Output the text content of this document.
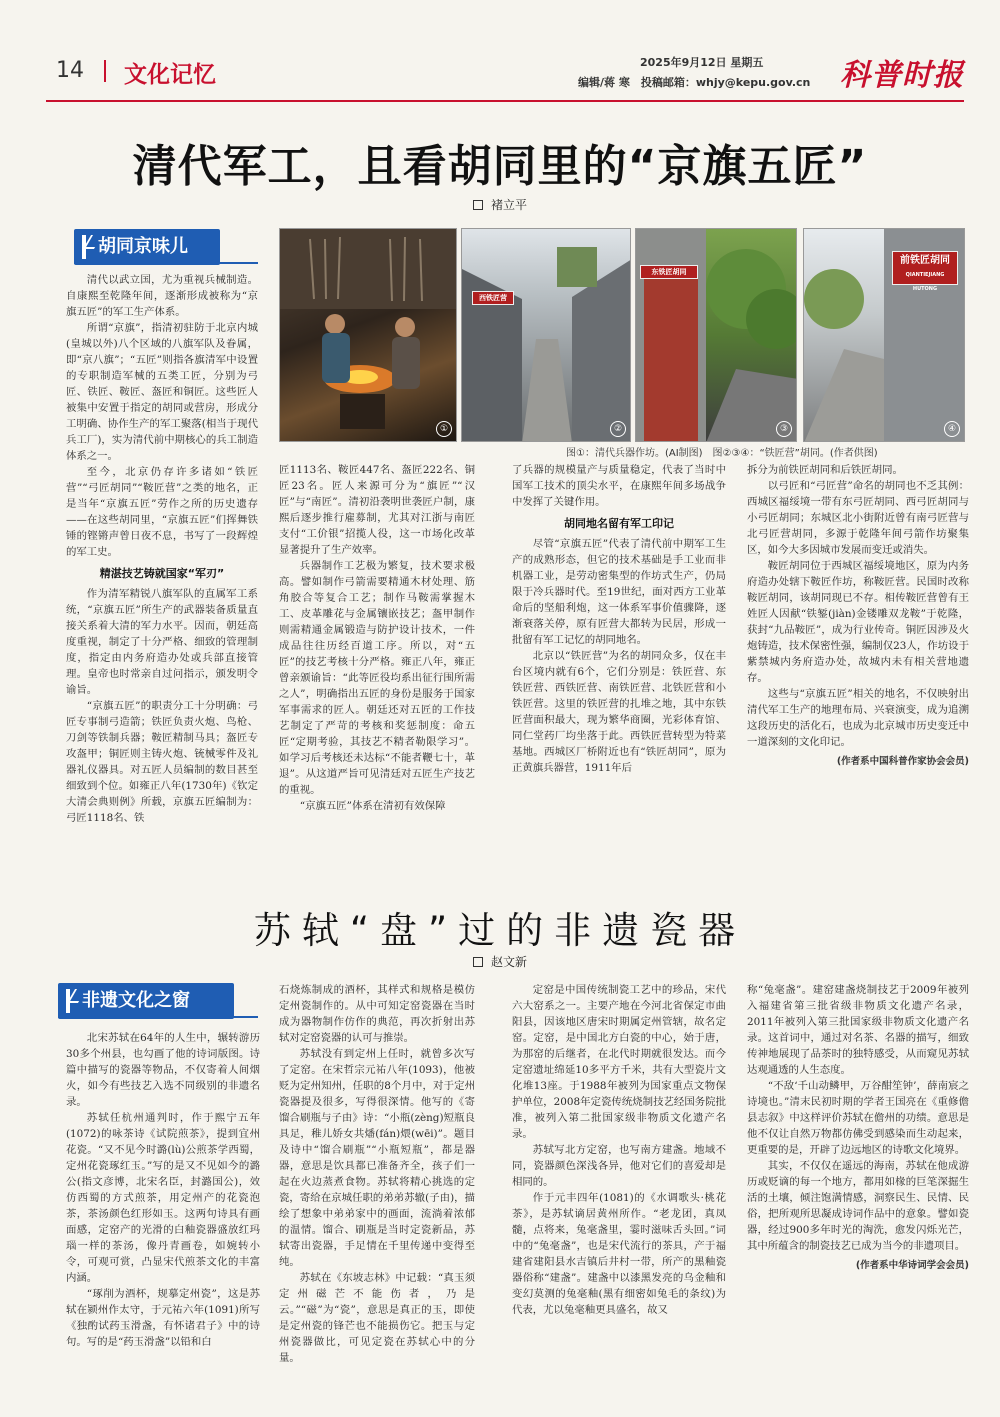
14 文化记忆	2025年9月12日 星期五
编辑/蒋 寒　 投稿邮箱：whjy@kepu.gov.cn 科普时报
清代军工，且看胡同里的“京旗五匠”
褚立平
胡同京味儿

清代以武立国，尤为重视兵械制造。自康熙至乾隆年间，逐渐形成被称为“京旗五匠”的军工生产体系。

所谓“京旗”，指清初驻防于北京内城(皇城以外)八个区域的八旗军队及眷属，即“京八旗”；“五匠”则指各旗清军中设置的专职制造军械的五类工匠，分别为弓匠、铁匠、鞍匠、盔匠和铜匠。这些匠人被集中安置于指定的胡同或营房，形成分工明确、协作生产的军工聚落(相当于现代兵工厂)，实为清代前中期核心的兵工制造体系之一。

至今，北京仍存许多诸如“铁匠营”“弓匠胡同”“鞍匠营”之类的地名，正是当年“京旗五匠”劳作之所的历史遗存——在这些胡同里，“京旗五匠”们挥舞铁锤的铿锵声曾日夜不息，书写了一段辉煌的军工史。

精湛技艺铸就国家“军刃”

作为清军精锐八旗军队的直属军工系统，“京旗五匠”所生产的武器装备质量直接关系着大清的军力水平。因而，朝廷高度重视，制定了十分严格、细致的管理制度，指定由内务府造办处或兵部直接管理。皇帝也时常亲自过问指示，颁发明令谕旨。

“京旗五匠”的职责分工十分明确：弓匠专事制弓造箭；铁匠负责火炮、鸟枪、刀剑等铁制兵器；鞍匠精制马具；盔匠专攻盔甲；铜匠则主铸火炮、铳械零件及礼器礼仪器具。对五匠人员编制的数目甚至细致到个位。如雍正八年(1730年)《钦定大清会典则例》所载，京旗五匠编制为：弓匠1118名、铁

①
西铁匠营
②
东铁匠胡同
③
前铁匠胡同
QIANTIEJIANG HUTONG
④
图①：清代兵器作坊。(AI制图)　图②③④：“铁匠营”胡同。(作者供图)

匠1113名、鞍匠447名、盔匠222名、铜匠23名。匠人来源可分为“旗匠”“汉匠”与“南匠”。清初沿袭明世袭匠户制，康熙后逐步推行雇募制，尤其对江浙与南匠支付“工价银”招揽人役，这一市场化改革显著提升了生产效率。

兵器制作工艺极为繁复，技术要求极高。譬如制作弓箭需要精通木材处理、筋角胶合等复合工艺；制作马鞍需掌握木工、皮革雕花与金属镶嵌技艺；盔甲制作则需精通金属锻造与防护设计技术，一件成品往往历经百道工序。所以，对“五匠”的技艺考核十分严格。雍正八年，雍正曾亲颁谕旨：“此等匠役均系出征行围所需之人”，明确指出五匠的身份是服务于国家军事需求的匠人。朝廷还对五匠的工作技艺制定了严苛的考核和奖惩制度：命五匠“定期考验，其技艺不精者勒限学习”。如学习后考核还未达标“不能者鞭七十，革退”。从这道严旨可见清廷对五匠生产技艺的重视。

“京旗五匠”体系在清初有效保障

了兵器的规模量产与质量稳定，代表了当时中国军工技术的顶尖水平，在康熙年间多场战争中发挥了关键作用。

胡同地名留有军工印记

尽管“京旗五匠”代表了清代前中期军工生产的成熟形态，但它的技术基础是手工业而非机器工业，是劳动密集型的作坊式生产，仍局限于冷兵器时代。至19世纪，面对西方工业革命后的坚船利炮，这一体系军事价值骤降，逐渐衰落关停，原有匠营大都转为民居，形成一批留有军工记忆的胡同地名。

北京以“铁匠营”为名的胡同众多，仅在丰台区境内就有6个，它们分别是：铁匠营、东铁匠营、西铁匠营、南铁匠营、北铁匠营和小铁匠营。这里的铁匠营的扎堆之地，其中东铁匠营面积最大，现为繁华商圈，光彩体育馆、同仁堂药厂均坐落于此。西铁匠营转型为特菜基地。西城区厂桥附近也有“铁匠胡同”，原为正黄旗兵器营，1911年后

拆分为前铁匠胡同和后铁匠胡同。

以弓匠和“弓匠营”命名的胡同也不乏其例：西城区福绥境一带有东弓匠胡同、西弓匠胡同与小弓匠胡同；东城区北小街附近曾有南弓匠营与北弓匠营胡同，多源于乾隆年间弓箭作坊聚集区，如今大多因城市发展而变迁或消失。

鞍匠胡同位于西城区福绥境地区，原为内务府造办处辖下鞍匠作坊，称鞍匠营。民国时改称鞍匠胡同，该胡同现已不存。相传鞍匠营曾有王姓匠人因献“铁錾(jiàn)金镂雕双龙鞍”于乾隆，获封“九品鞍匠”，成为行业传奇。铜匠因涉及火炮铸造，技术保密性强，编制仅23人，作坊设于紫禁城内务府造办处，故城内未有相关营地遗存。

这些与“京旗五匠”相关的地名，不仅映射出清代军工生产的地理布局、兴衰演变，成为追溯这段历史的活化石，也成为北京城市历史变迁中一道深刻的文化印记。

(作者系中国科普作家协会会员)

苏轼“盘”过的非遗瓷器
赵文新
非遗文化之窗

北宋苏轼在64年的人生中，辗转游历30多个州县，也勾画了他的诗词版图。诗篇中描写的瓷器等物品，不仅寄着人间烟火，如今有些技艺入选不同级别的非遗名录。

苏轼任杭州通判时，作于熙宁五年(1072)的咏茶诗《试院煎茶》，提到宜州花瓷。“又不见今时潞(lù)公煎茶学西蜀，定州花瓷琢红玉。”写的是又不见如今的潞公(指文彦博，北宋名臣，封潞国公)，效仿西蜀的方式煎茶，用定州产的花瓷泡茶，茶汤颜色红形如玉。这两句诗具有画面感，定窑产的光滑的白釉瓷器盛放红玛瑙一样的茶汤，像丹青画卷，如婉转小令，可观可赏，凸显宋代煎茶文化的丰富内涵。

“琢削为酒杯，规摹定州瓷”，这是苏轼在颍州作太守，于元祐六年(1091)所写《独酌试药玉滑盏，有怀诸君子》中的诗句。写的是“药玉滑盏”以铅和白

石烧炼制成的酒杯，其样式和规格是模仿定州瓷制作的。从中可知定窑瓷器在当时成为器物制作仿作的典范，再次折射出苏轼对定窑瓷器的认可与推崇。

苏轼没有到定州上任时，就曾多次写了定窑。在宋哲宗元祐八年(1093)，他被贬为定州知州，任职的8个月中，对于定州瓷器提及很多，写得很深情。他写的《寄馏合刷瓶与子由》诗：“小瓶(zèng)短瓶良具足，稚儿娇女共燔(fán)煨(wēi)”。题目及诗中“馏合刷瓶”“小瓶短瓶”，都是器器，意思是饮具都已准备齐全，孩子们一起在火边蒸煮食物。苏轼将精心挑选的定瓷，寄给在京城任职的弟弟苏辙(子由)，描绘了想象中弟弟家中的画面，流淌着浓郁的温情。馏合、刷瓶是当时定瓷新品，苏轼寄出瓷器，手足情在千里传递中变得至纯。

苏轼在《东坡志林》中记载：“真玉须定州磁芒不能伤者，乃是云。”“磁”为“瓷”，意思是真正的玉，即使是定州瓷的锋芒也不能损伤它。把玉与定州瓷器做比，可见定瓷在苏轼心中的分量。

定窑是中国传统制瓷工艺中的珍品，宋代六大窑系之一。主要产地在今河北省保定市曲阳县，因该地区唐宋时期属定州管辖，故名定窑。定窑，是中国北方白瓷的中心，始于唐，为那窑的后继者，在北代时期就很发达。而今定窑遗址绵延10多平方千米，共有大型瓷片文化堆13座。于1988年被列为国家重点文物保护单位，2008年定瓷传统烧制技艺经国务院批准，被列入第二批国家级非物质文化遗产名录。

苏轼写北方定窑，也写南方建盏。地域不同，瓷器颜色深浅各异，他对它们的喜爱却是相同的。

作于元丰四年(1081)的《水调歌头·桃花茶》，是苏轼谪居黄州所作。“老龙团，真凤髓，点将来，兔毫盏里，霎时滋味舌头回。”词中的“兔毫盏”，也是宋代流行的茶具，产于福建省建阳县水吉镇后井村一带，所产的黑釉瓷器俗称“建盏”。建盏中以漆黑发亮的乌金釉和变幻莫测的兔毫釉(黑有细密如兔毛的条纹)为代表，尤以兔毫釉更具盛名，故又

称“兔毫盏”。建窑建盏烧制技艺于2009年被列入福建省第三批省级非物质文化遗产名录，2011年被列入第三批国家级非物质文化遗产名录。这首词中，通过对名茶、名器的描写，细致传神地展现了品茶时的独特感受，从而窥见苏轼达观通透的人生态度。

“不敌‘千山动鳞甲，万谷酣笙钟’，薛南宸之诗境也。”清末民初时期的学者王国亮在《重修儋县志叙》中这样评价苏轼在儋州的功绩。意思是他不仅让自然万物都仿佛受到感染而生动起来，更重要的是，开辟了边远地区的诗歌文化境界。

其实，不仅仅在遥远的海南，苏轼在他成游历或贬谪的每一个地方，都用如椽的巨笔深掘生活的土壤，倾注饱满情感，洞察民生、民情、民俗，把所观所思凝成诗词作品中的意象。譬如瓷器，经过900多年时光的淘洗，愈发闪烁光芒，其中所蕴含的制瓷技艺已成为当今的非遗项目。

(作者系中华诗词学会会员)
